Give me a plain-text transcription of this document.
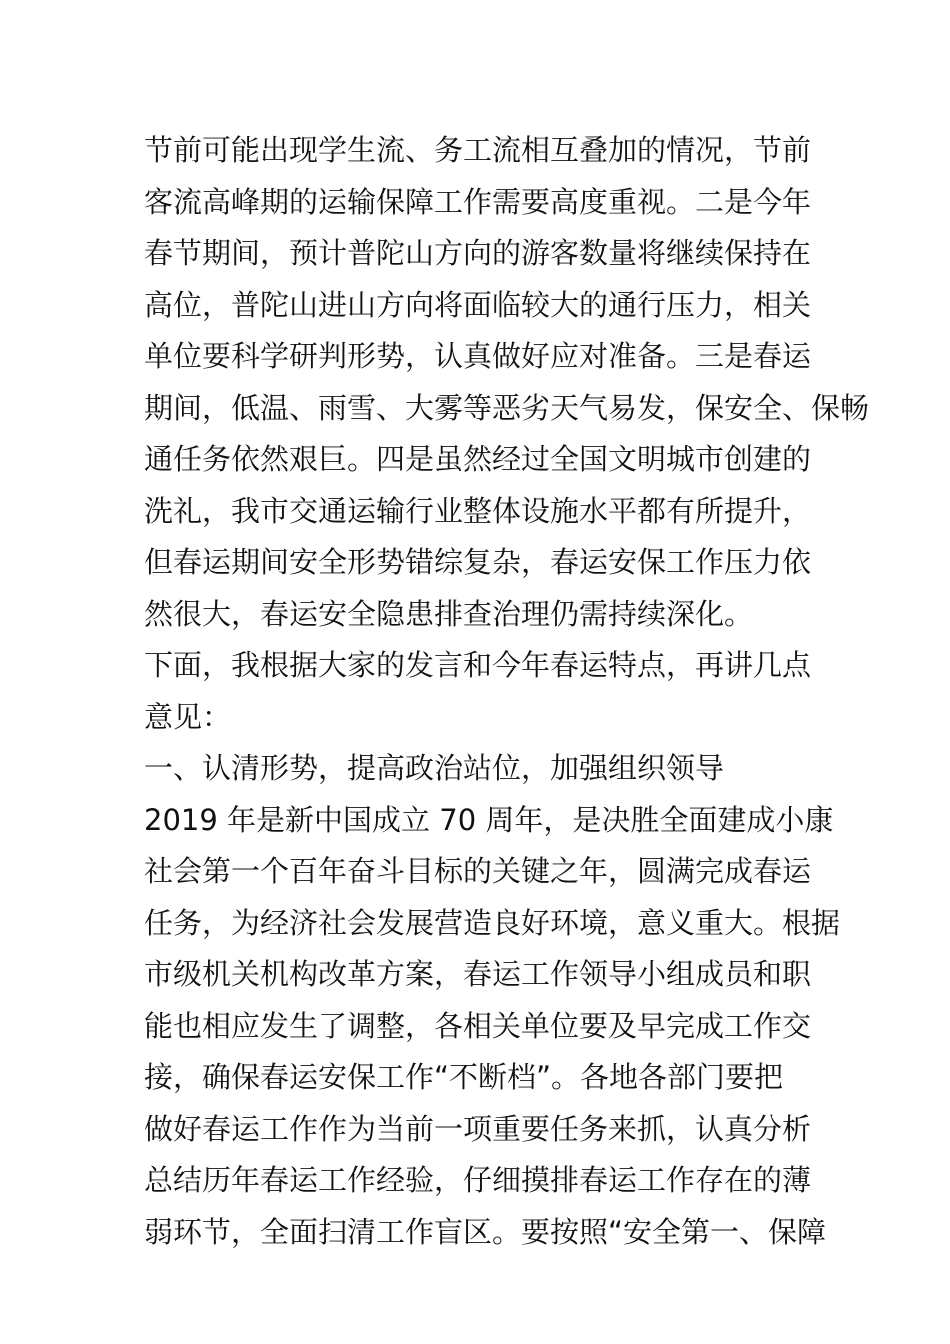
节前可能出现学生流、务工流相互叠加的情况，节前
客流高峰期的运输保障工作需要高度重视。二是今年
春节期间，预计普陀山方向的游客数量将继续保持在
高位，普陀山进山方向将面临较大的通行压力，相关
单位要科学研判形势，认真做好应对准备。三是春运
期间，低温、雨雪、大雾等恶劣天气易发，保安全、保畅
通任务依然艰巨。四是虽然经过全国文明城市创建的
洗礼，我市交通运输行业整体设施水平都有所提升，
但春运期间安全形势错综复杂，春运安保工作压力依
然很大，春运安全隐患排查治理仍需持续深化。
下面，我根据大家的发言和今年春运特点，再讲几点
意见：
一、认清形势，提高政治站位，加强组织领导
2019 年是新中国成立 70 周年，是决胜全面建成小康
社会第一个百年奋斗目标的关键之年，圆满完成春运
任务，为经济社会发展营造良好环境，意义重大。根据
市级机关机构改革方案，春运工作领导小组成员和职
能也相应发生了调整，各相关单位要及早完成工作交
接，确保春运安保工作“不断档”。各地各部门要把
做好春运工作作为当前一项重要任务来抓，认真分析
总结历年春运工作经验，仔细摸排春运工作存在的薄
弱环节，全面扫清工作盲区。要按照“安全第一、保障
